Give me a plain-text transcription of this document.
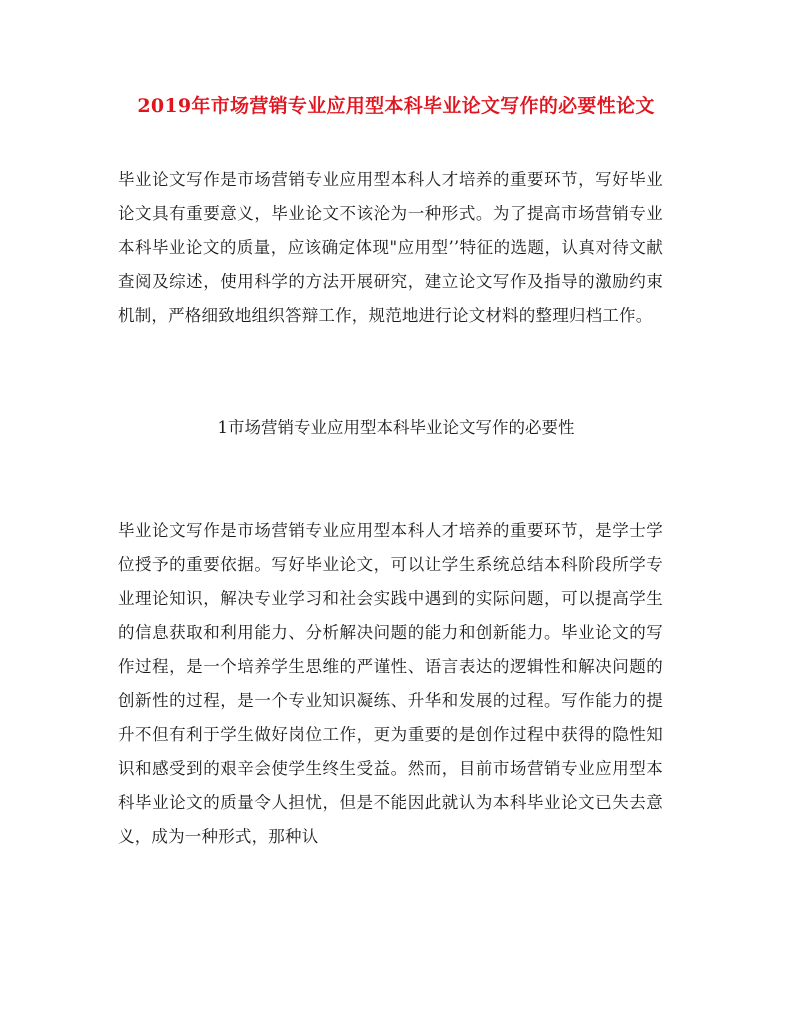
2019年市场营销专业应用型本科毕业论文写作的必要性论文

毕业论文写作是市场营销专业应用型本科人才培养的重要环节，写好毕业论文具有重要意义，毕业论文不该沦为一种形式。为了提高市场营销专业本科毕业论文的质量，应该确定体现"应用型’’特征的选题，认真对待文献查阅及综述，使用科学的方法开展研究，建立论文写作及指导的激励约束机制，严格细致地组织答辩工作，规范地进行论文材料的整理归档工作。

1市场营销专业应用型本科毕业论文写作的必要性

毕业论文写作是市场营销专业应用型本科人才培养的重要环节，是学士学位授予的重要依据。写好毕业论文，可以让学生系统总结本科阶段所学专业理论知识，解决专业学习和社会实践中遇到的实际问题，可以提高学生的信息获取和利用能力、分析解决问题的能力和创新能力。毕业论文的写作过程，是一个培养学生思维的严谨性、语言表达的逻辑性和解决问题的创新性的过程，是一个专业知识凝练、升华和发展的过程。写作能力的提升不但有利于学生做好岗位工作，更为重要的是创作过程中获得的隐性知识和感受到的艰辛会使学生终生受益。然而，目前市场营销专业应用型本科毕业论文的质量令人担忧，但是不能因此就认为本科毕业论文已失去意义，成为一种形式，那种认
